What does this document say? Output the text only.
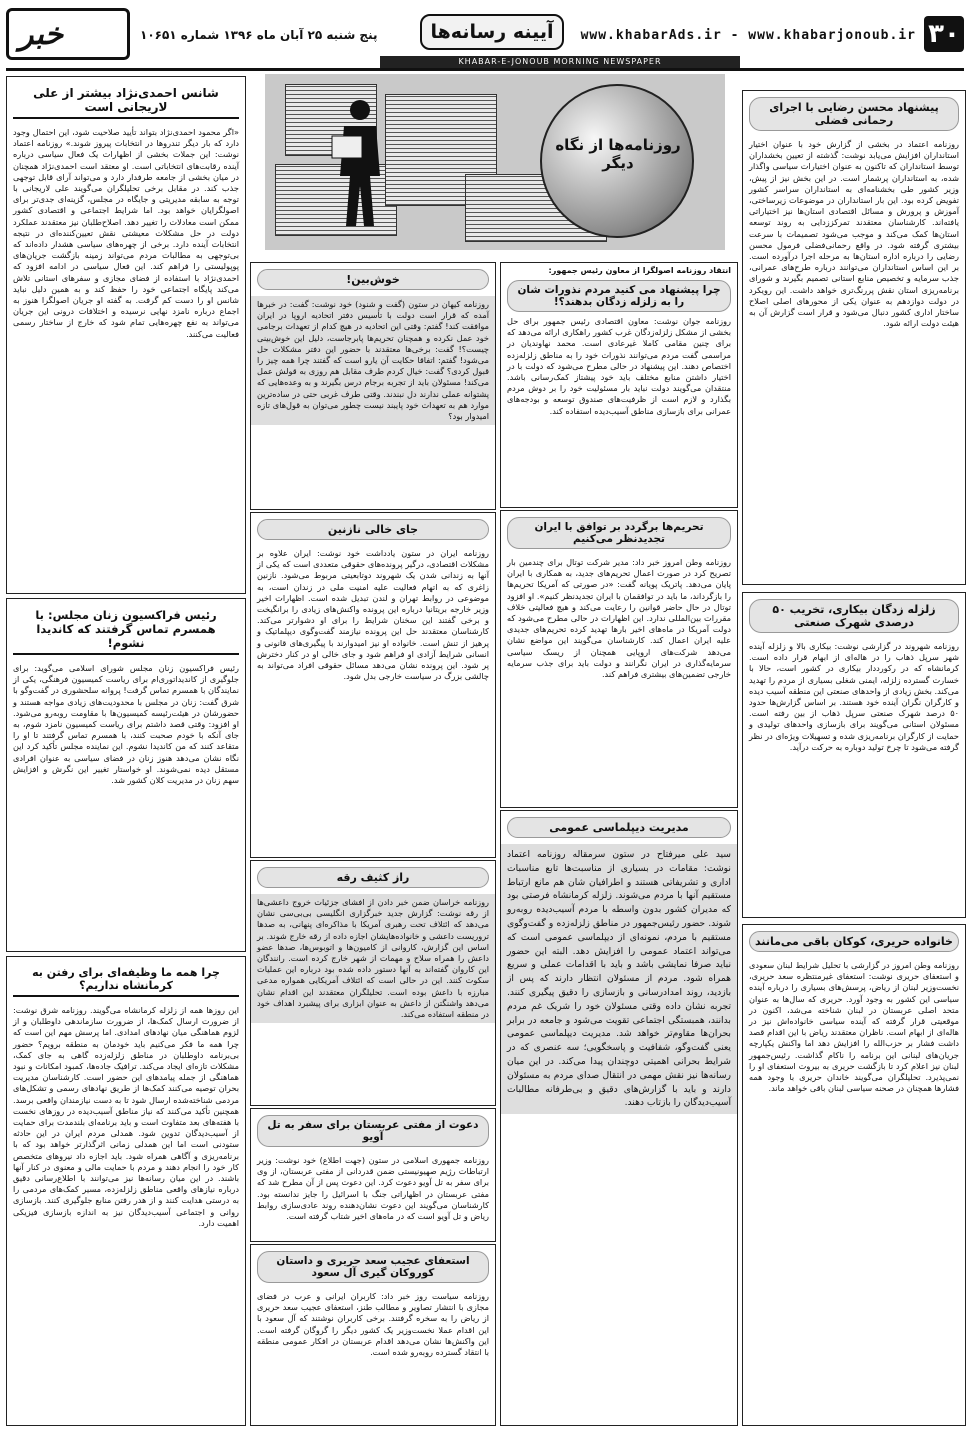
۳۰
www.khabarAds.ir - www.khabarjonoub.ir
آیینه رسانه‌ها
پنج شنبه ۲۵ آبان ماه ۱۳۹۶ شماره ۱۰۶۵۱
خبر
KHABAR-E-JONOUB MORNING NEWSPAPER
روزنامه‌ها از نگاه دیگر
پیشنهاد محسن رضایی با اجرای رحمانی فضلی

روزنامه اعتماد در بخشی از گزارش خود با عنوان اختیار استانداران افزایش می‌یابد نوشت: گذشته از تعیین بخشداران توسط استانداران که تاکنون به عنوان اختیارات سیاسی واگذار شده، به استانداران پرشمار است. در این بخش نیز از پیش، وزیر کشور طی بخشنامه‌ای به استانداران سراسر کشور تفویض کرده بود. این بار استانداران در موضوعات زیرساختی، آموزش و پرورش و مسائل اقتصادی استان‌ها نیز اختیاراتی یافته‌اند. کارشناسان معتقدند تمرکززدایی به روند توسعه استان‌ها کمک می‌کند و موجب می‌شود تصمیمات با سرعت بیشتری گرفته شود. در واقع رحمانی‌فضلی فرمول محسن رضایی را درباره اداره استان‌ها به مرحله اجرا درآورده است. بر این اساس استانداران می‌توانند درباره طرح‌های عمرانی، جذب سرمایه و تخصیص منابع استانی تصمیم بگیرند و شورای برنامه‌ریزی استان نقش پررنگ‌تری خواهد داشت. این رویکرد در دولت دوازدهم به عنوان یکی از محورهای اصلی اصلاح ساختار اداری کشور دنبال می‌شود و قرار است گزارش آن به هیئت دولت ارائه شود.

زلزله زدگان بیکاری، تخریب ۵۰ درصدی شهرک صنعتی

روزنامه شهروند در گزارشی نوشت: بیکاری بالا و زلزله آینده شهر سرپل ذهاب را در هاله‌ای از ابهام قرار داده است. کرمانشاه که در رکورددار بیکاری در کشور است، حالا با خسارت گسترده زلزله، ایمنی شغلی بسیاری از مردم را تهدید می‌کند. بخش زیادی از واحدهای صنعتی این منطقه آسیب دیده و کارگران نگران آینده خود هستند. بر اساس گزارش‌ها حدود ۵۰ درصد شهرک صنعتی سرپل ذهاب از بین رفته است. مسئولان استانی می‌گویند برای بازسازی واحدهای تولیدی و حمایت از کارگران برنامه‌ریزی شده و تسهیلات ویژه‌ای در نظر گرفته می‌شود تا چرخ تولید دوباره به حرکت درآید.

خانواده حریری، کوکان باقی می‌مانند

روزنامه وطن امروز در گزارشی با تحلیل شرایط لبنان سعودی و استعفای حریری نوشت: استعفای غیرمنتظره سعد حریری، نخست‌وزیر لبنان از ریاض، پرسش‌های بسیاری را درباره آینده سیاسی این کشور به وجود آورد. حریری که سال‌ها به عنوان متحد اصلی عربستان در لبنان شناخته می‌شد، اکنون در موقعیتی قرار گرفته که آینده سیاسی خانواده‌اش نیز در هاله‌ای از ابهام است. ناظران معتقدند ریاض با این اقدام قصد داشت فشار بر حزب‌الله را افزایش دهد اما واکنش یکپارچه جریان‌های لبنانی این برنامه را ناکام گذاشت. رئیس‌جمهور لبنان نیز اعلام کرد تا بازگشت حریری به بیروت استعفای او را نمی‌پذیرد. تحلیلگران می‌گویند خاندان حریری با وجود همه فشارها همچنان در صحنه سیاسی لبنان باقی خواهد ماند.

انتقاد روزنامه اصولگرا از معاون رئیس جمهور:
چرا پیشنهاد می کنید مردم نذورات شان را به زلزله زدگان بدهند؟!

روزنامه جوان نوشت: معاون اقتصادی رئیس جمهور برای حل بخشی از مشکل زلزله‌زدگان غرب کشور راهکاری ارائه می‌دهد که برای چنین مقامی کاملا غیرعادی است. محمد نهاوندیان در مراسمی گفت مردم می‌توانند نذورات خود را به مناطق زلزله‌زده اختصاص دهند. این پیشنهاد در حالی مطرح می‌شود که دولت با در اختیار داشتن منابع مختلف باید خود پیشتاز کمک‌رسانی باشد. منتقدان می‌گویند دولت نباید بار مسئولیت خود را بر دوش مردم بگذارد و لازم است از ظرفیت‌های صندوق توسعه و بودجه‌های عمرانی برای بازسازی مناطق آسیب‌دیده استفاده کند.

تحریم‌ها برگردد بر توافق با ایران تجدیدنظر می‌کنیم

روزنامه وطن امروز خبر داد: مدیر شرکت توتال برای چندمین بار تصریح کرد در صورت اعمال تحریم‌های جدید، به همکاری با ایران پایان می‌دهد. پاتریک پویانه گفت: «در صورتی که آمریکا تحریم‌ها را بازگرداند، ما باید در توافقمان با ایران تجدیدنظر کنیم». او افزود توتال در حال حاضر قوانین را رعایت می‌کند و هیچ فعالیتی خلاف مقررات بین‌المللی ندارد. این اظهارات در حالی مطرح می‌شود که دولت آمریکا در ماه‌های اخیر بارها تهدید کرده تحریم‌های جدیدی علیه ایران اعمال کند. کارشناسان می‌گویند این مواضع نشان می‌دهد شرکت‌های اروپایی همچنان از ریسک سیاسی سرمایه‌گذاری در ایران نگرانند و دولت باید برای جذب سرمایه خارجی تضمین‌های بیشتری فراهم کند.

مدیریت دیپلماسی عمومی

سید علی میرفتاح در ستون سرمقاله روزنامه اعتماد نوشت: مقامات در بسیاری از مناسبت‌ها تابع مناسبات اداری و تشریفاتی هستند و اطرافیان شان هم مانع ارتباط مستقیم آنها با مردم می‌شوند. زلزله کرمانشاه فرصتی بود که مدیران کشور بدون واسطه با مردم آسیب‌دیده روبه‌رو شوند. حضور رئیس‌جمهور در مناطق زلزله‌زده و گفت‌وگوی مستقیم با مردم، نمونه‌ای از دیپلماسی عمومی است که می‌تواند اعتماد عمومی را افزایش دهد. البته این حضور نباید صرفا نمایشی باشد و باید با اقدامات عملی و سریع همراه شود. مردم از مسئولان انتظار دارند که پس از بازدید، روند امدادرسانی و بازسازی را دقیق پیگیری کنند. تجربه نشان داده وقتی مسئولان خود را شریک غم مردم بدانند، همبستگی اجتماعی تقویت می‌شود و جامعه در برابر بحران‌ها مقاوم‌تر خواهد شد. مدیریت دیپلماسی عمومی یعنی گفت‌وگو، شفافیت و پاسخگویی؛ سه عنصری که در شرایط بحرانی اهمیتی دوچندان پیدا می‌کند. در این میان رسانه‌ها نیز نقش مهمی در انتقال صدای مردم به مسئولان دارند و باید با گزارش‌های دقیق و بی‌طرفانه مطالبات آسیب‌دیدگان را بازتاب دهند.

خوش‌بین!

روزنامه کیهان در ستون (گفت و شنود) خود نوشت: گفت: در خبرها آمده که قرار است دولت با تأسیس دفتر اتحادیه اروپا در ایران موافقت کند! گفتم: وقتی این اتحادیه در هیچ کدام از تعهدات برجامی خود عمل نکرده و همچنان تحریم‌ها پابرجاست، دلیل این خوش‌بینی چیست؟! گفت: برخی‌ها معتقدند با حضور این دفتر مشکلات حل می‌شود! گفتم: اتفاقا حکایت آن یارو است که گفتند چرا همه چیز را قبول کردی؟ گفت: خیال کردم طرف مقابل هم روزی به قولش عمل می‌کند! مسئولان باید از تجربه برجام درس بگیرند و به وعده‌هایی که پشتوانه عملی ندارند دل نبندند. وقتی طرف غربی حتی در ساده‌ترین موارد هم به تعهدات خود پایبند نیست چطور می‌توان به قول‌های تازه امیدوار بود؟

جای خالی نازنین

روزنامه ایران در ستون یادداشت خود نوشت: ایران علاوه بر مشکلات اقتصادی، درگیر پرونده‌های حقوقی متعددی است که یکی از آنها به زندانی شدن یک شهروند دوتابعیتی مربوط می‌شود. نازنین زاغری که به اتهام فعالیت علیه امنیت ملی در زندان است، به موضوعی در روابط تهران و لندن تبدیل شده است. اظهارات اخیر وزیر خارجه بریتانیا درباره این پرونده واکنش‌های زیادی را برانگیخت و برخی گفتند این سخنان شرایط را برای او دشوارتر می‌کند. کارشناسان معتقدند حل این پرونده نیازمند گفت‌وگوی دیپلماتیک و پرهیز از تنش است. خانواده او نیز امیدوارند با پیگیری‌های قانونی و انسانی شرایط آزادی او فراهم شود و جای خالی او در کنار دخترش پر شود. این پرونده نشان می‌دهد مسائل حقوقی افراد می‌تواند به چالشی بزرگ در سیاست خارجی بدل شود.

راز کثیف رقه

روزنامه خراسان ضمن خبر دادن از افشای جزئیات خروج داعشی‌ها از رقه نوشت: گزارش جدید خبرگزاری انگلیسی بی‌بی‌سی نشان می‌دهد که ائتلاف تحت رهبری آمریکا با مذاکره‌ای پنهانی، به صدها تروریست داعشی و خانواده‌هایشان اجازه داده از رقه خارج شوند. بر اساس این گزارش، کاروانی از کامیون‌ها و اتوبوس‌ها، صدها عضو داعش را همراه سلاح و مهمات از شهر خارج کرده است. رانندگان این کاروان گفته‌اند به آنها دستور داده شده بود درباره این عملیات سکوت کنند. این در حالی است که ائتلاف آمریکایی همواره مدعی مبارزه با داعش بوده است. تحلیلگران معتقدند این اقدام نشان می‌دهد واشنگتن از داعش به عنوان ابزاری برای پیشبرد اهداف خود در منطقه استفاده می‌کند.

دعوت از مفتی عربستان برای سفر به تل آویو

روزنامه جمهوری اسلامی در ستون (جهت اطلاع) خود نوشت: وزیر ارتباطات رژیم صهیونیستی ضمن قدردانی از مفتی عربستان، از وی برای سفر به تل آویو دعوت کرد. این دعوت پس از آن مطرح شد که مفتی عربستان در اظهاراتی جنگ با اسرائیل را جایز ندانسته بود. کارشناسان می‌گویند این دعوت نشان‌دهنده روند عادی‌سازی روابط ریاض و تل آویو است که در ماه‌های اخیر شتاب گرفته است.

استعفای عجیب سعد حریری و داستان کوروکان گیری آل سعود

روزنامه سیاست روز خبر داد: کاربران ایرانی و عرب در فضای مجازی با انتشار تصاویر و مطالب طنز، استعفای عجیب سعد حریری از ریاض را به سخره گرفتند. برخی کاربران نوشتند که آل سعود با این اقدام عملا نخست‌وزیر یک کشور دیگر را گروگان گرفته است. این واکنش‌ها نشان می‌دهد اقدام عربستان در افکار عمومی منطقه با انتقاد گسترده روبه‌رو شده است.

شانس احمدی‌نژاد بیشتر از علی لاریجانی است

«اگر محمود احمدی‌نژاد بتواند تأیید صلاحیت شود، این احتمال وجود دارد که بار دیگر تندروها در انتخابات پیروز شوند.» روزنامه اعتماد نوشت: این جملات بخشی از اظهارات یک فعال سیاسی درباره آینده رقابت‌های انتخاباتی است. او معتقد است احمدی‌نژاد همچنان در میان بخشی از جامعه طرفدار دارد و می‌تواند آرای قابل توجهی جذب کند. در مقابل برخی تحلیلگران می‌گویند علی لاریجانی با توجه به سابقه مدیریتی و جایگاه در مجلس، گزینه‌ای جدی‌تر برای اصولگرایان خواهد بود. اما شرایط اجتماعی و اقتصادی کشور ممکن است معادلات را تغییر دهد. اصلاح‌طلبان نیز معتقدند عملکرد دولت در حل مشکلات معیشتی نقش تعیین‌کننده‌ای در نتیجه انتخابات آینده دارد. برخی از چهره‌های سیاسی هشدار داده‌اند که بی‌توجهی به مطالبات مردم می‌تواند زمینه بازگشت جریان‌های پوپولیستی را فراهم کند. این فعال سیاسی در ادامه افزود که احمدی‌نژاد با استفاده از فضای مجازی و سفرهای استانی تلاش می‌کند پایگاه اجتماعی خود را حفظ کند و به همین دلیل نباید شانس او را دست کم گرفت. به گفته او جریان اصولگرا هنوز به اجماع درباره نامزد نهایی نرسیده و اختلافات درونی این جریان می‌تواند به نفع چهره‌هایی تمام شود که خارج از ساختار رسمی فعالیت می‌کنند.

رئیس فراکسیون زنان مجلس: با همسرم تماس گرفتند که کاندیدا نشوم!

رئیس فراکسیون زنان مجلس شورای اسلامی می‌گوید: برای جلوگیری از کاندیداتوری‌ام برای ریاست کمیسیون فرهنگی، یکی از نمایندگان با همسرم تماس گرفت! پروانه سلحشوری در گفت‌وگو با شرق گفت: زنان در مجلس با محدودیت‌های زیادی مواجه هستند و حضورشان در هیئت‌رئیسه کمیسیون‌ها با مقاومت روبه‌رو می‌شود. او افزود: وقتی قصد داشتم برای ریاست کمیسیون نامزد شوم، به جای آنکه با خودم صحبت کنند، با همسرم تماس گرفتند تا او را متقاعد کنند که من کاندیدا نشوم. این نماینده مجلس تأکید کرد این نگاه نشان می‌دهد هنوز زنان در فضای سیاسی به عنوان افرادی مستقل دیده نمی‌شوند. او خواستار تغییر این نگرش و افزایش سهم زنان در مدیریت کلان کشور شد.

چرا همه ما وظیفه‌ای برای رفتن به کرمانشاه نداریم؟

این روزها همه از زلزله کرمانشاه می‌گویند. روزنامه شرق نوشت: از ضرورت ارسال کمک‌ها، از ضرورت سازماندهی داوطلبان و از لزوم هماهنگی میان نهادهای امدادی. اما پرسش مهم این است که چرا همه ما فکر می‌کنیم باید خودمان به منطقه برویم؟ حضور بی‌برنامه داوطلبان در مناطق زلزله‌زده گاهی به جای کمک، مشکلات تازه‌ای ایجاد می‌کند. ترافیک جاده‌ها، کمبود امکانات و نبود هماهنگی از جمله پیامدهای این حضور است. کارشناسان مدیریت بحران توصیه می‌کنند کمک‌ها از طریق نهادهای رسمی و تشکل‌های مردمی شناخته‌شده ارسال شود تا به دست نیازمندان واقعی برسد. همچنین تأکید می‌کنند که نیاز مناطق آسیب‌دیده در روزهای نخست با هفته‌های بعد متفاوت است و باید برنامه‌ای بلندمدت برای حمایت از آسیب‌دیدگان تدوین شود. همدلی مردم ایران در این حادثه ستودنی است اما این همدلی زمانی اثرگذارتر خواهد بود که با برنامه‌ریزی و آگاهی همراه شود. باید اجازه داد نیروهای متخصص کار خود را انجام دهند و مردم با حمایت مالی و معنوی در کنار آنها باشند. در این میان رسانه‌ها نیز می‌توانند با اطلاع‌رسانی دقیق درباره نیازهای واقعی مناطق زلزله‌زده، مسیر کمک‌های مردمی را به درستی هدایت کنند و از هدر رفتن منابع جلوگیری کنند. بازسازی روانی و اجتماعی آسیب‌دیدگان نیز به اندازه بازسازی فیزیکی اهمیت دارد.
